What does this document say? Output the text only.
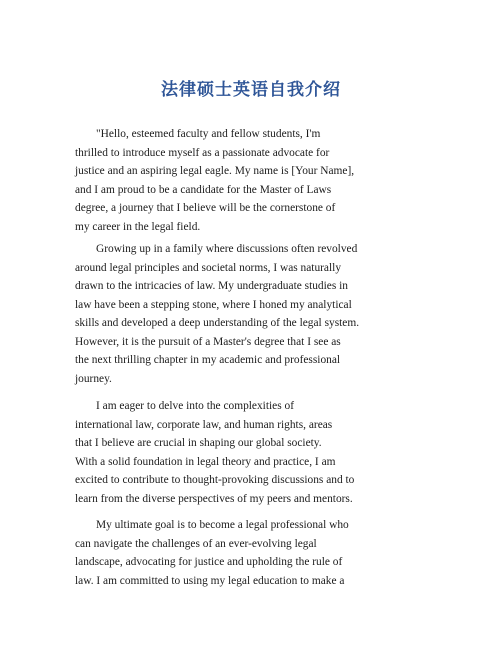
法律硕士英语自我介绍
"Hello, esteemed faculty and fellow students, I'm
thrilled to introduce myself as a passionate advocate for
justice and an aspiring legal eagle. My name is [Your Name],
and I am proud to be a candidate for the Master of Laws
degree, a journey that I believe will be the cornerstone of
my career in the legal field.
Growing up in a family where discussions often revolved
around legal principles and societal norms, I was naturally
drawn to the intricacies of law. My undergraduate studies in
law have been a stepping stone, where I honed my analytical
skills and developed a deep understanding of the legal system.
However, it is the pursuit of a Master's degree that I see as
the next thrilling chapter in my academic and professional
journey.
I am eager to delve into the complexities of
international law, corporate law, and human rights, areas
that I believe are crucial in shaping our global society.
With a solid foundation in legal theory and practice, I am
excited to contribute to thought-provoking discussions and to
learn from the diverse perspectives of my peers and mentors.
My ultimate goal is to become a legal professional who
can navigate the challenges of an ever-evolving legal
landscape, advocating for justice and upholding the rule of
law. I am committed to using my legal education to make a
